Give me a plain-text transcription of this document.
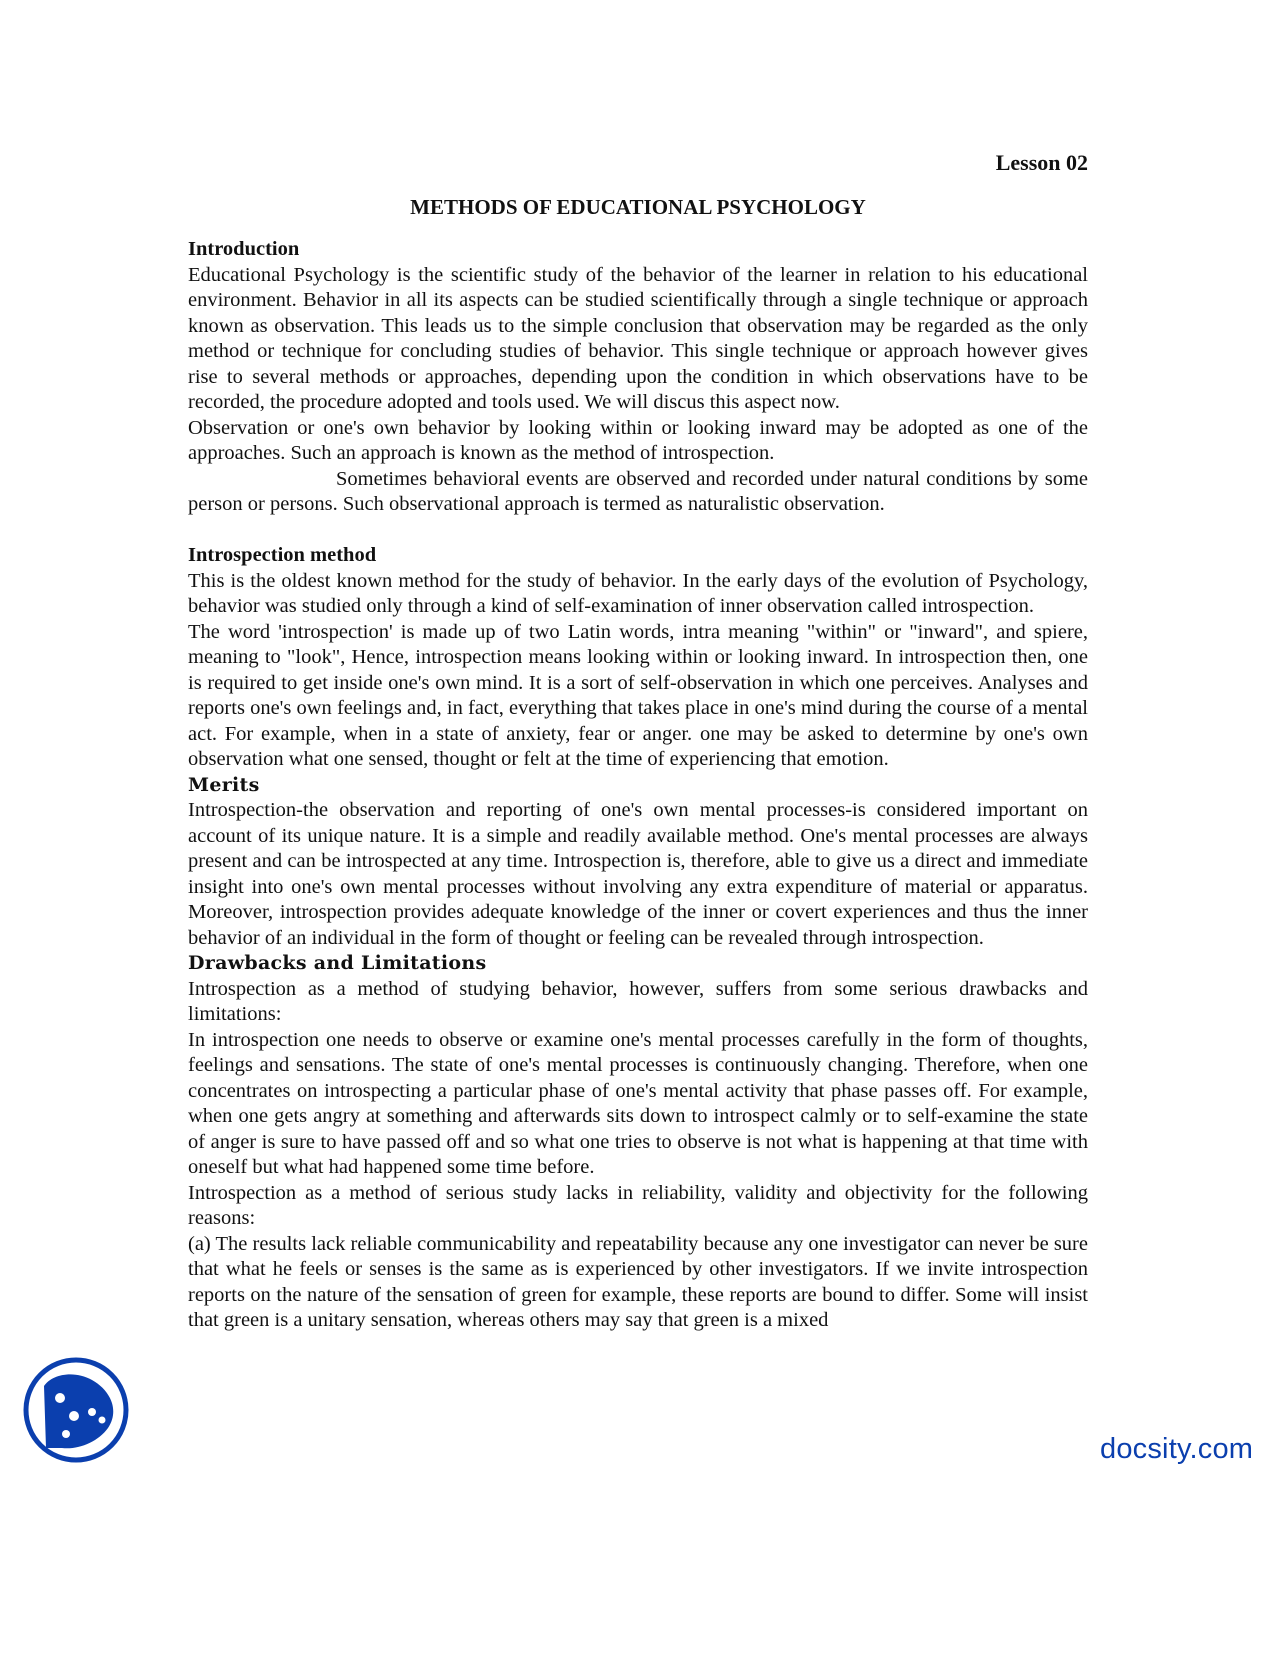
Lesson 02
METHODS OF EDUCATIONAL PSYCHOLOGY
Introduction

Educational Psychology is the scientific study of the behavior of the learner in relation to his educational environment. Behavior in all its aspects can be studied scientifically through a single technique or approach known as observation. This leads us to the simple conclusion that observation may be regarded as the only method or technique for concluding studies of behavior. This single technique or approach however gives rise to several methods or approaches, depending upon the condition in which observations have to be recorded, the procedure adopted and tools used. We will discus this aspect now.

Observation or one's own behavior by looking within or looking inward may be adopted as one of the approaches. Such an approach is known as the method of introspection.

Sometimes behavioral events are observed and recorded under natural conditions by some person or persons. Such observational approach is termed as naturalistic observation.

Introspection method

This is the oldest known method for the study of behavior. In the early days of the evolution of Psychology, behavior was studied only through a kind of self-examination of inner observation called introspection.

The word 'introspection' is made up of two Latin words, intra meaning "within" or "inward", and spiere, meaning to "look", Hence, introspection means looking within or looking inward. In introspection then, one is required to get inside one's own mind. It is a sort of self-observation in which one perceives. Analyses and reports one's own feelings and, in fact, everything that takes place in one's mind during the course of a mental act. For example, when in a state of anxiety, fear or anger. one may be asked to determine by one's own observation what one sensed, thought or felt at the time of experiencing that emotion.

Merits

Introspection-the observation and reporting of one's own mental processes-is considered important on account of its unique nature. It is a simple and readily available method. One's mental processes are always present and can be introspected at any time. Introspection is, therefore, able to give us a direct and immediate insight into one's own mental processes without involving any extra expenditure of material or apparatus. Moreover, introspection provides adequate knowledge of the inner or covert experiences and thus the inner behavior of an individual in the form of thought or feeling can be revealed through introspection.

Drawbacks and Limitations

Introspection as a method of studying behavior, however, suffers from some serious drawbacks and limitations:

In introspection one needs to observe or examine one's mental processes carefully in the form of thoughts, feelings and sensations. The state of one's mental processes is continuously changing. Therefore, when one concentrates on introspecting a particular phase of one's mental activity that phase passes off. For example, when one gets angry at something and afterwards sits down to introspect calmly or to self-examine the state of anger is sure to have passed off and so what one tries to observe is not what is happening at that time with oneself but what had happened some time before.

Introspection as a method of serious study lacks in reliability, validity and objectivity for the following reasons:

(a) The results lack reliable communicability and repeatability because any one investigator can never be sure that what he feels or senses is the same as is experienced by other investigators. If we invite introspection reports on the nature of the sensation of green for example, these reports are bound to differ. Some will insist that green is a unitary sensation, whereas others may say that green is a mixed

docsity.com
